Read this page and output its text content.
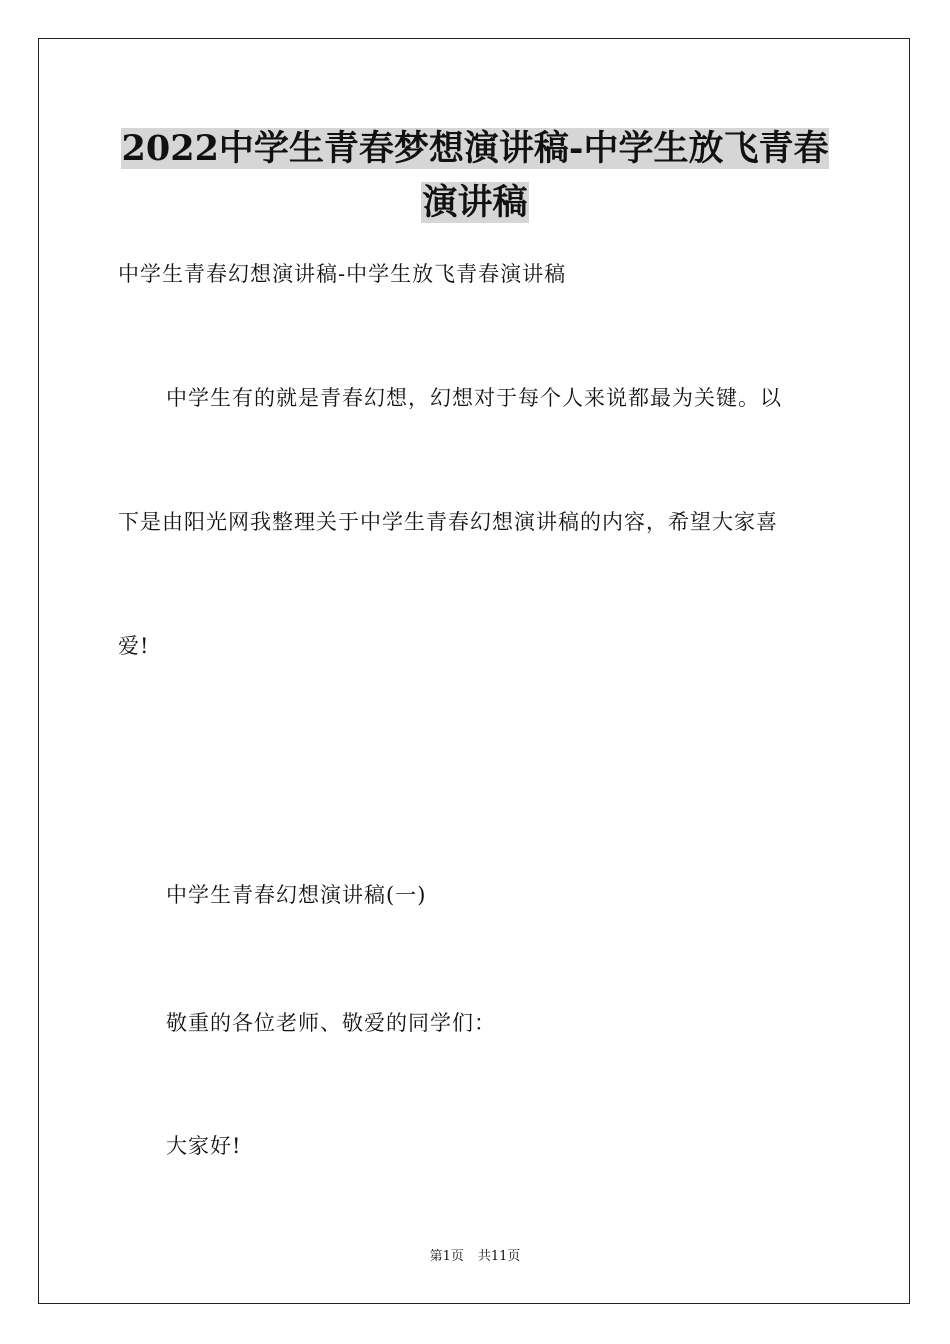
2022中学生青春梦想演讲稿-中学生放飞青春
演讲稿
中学生青春幻想演讲稿-中学生放飞青春演讲稿
中学生有的就是青春幻想，幻想对于每个人来说都最为关键。以
下是由阳光网我整理关于中学生青春幻想演讲稿的内容，希望大家喜
爱!
中学生青春幻想演讲稿(一)
敬重的各位老师、敬爱的同学们：
大家好!
第1页 共11页
